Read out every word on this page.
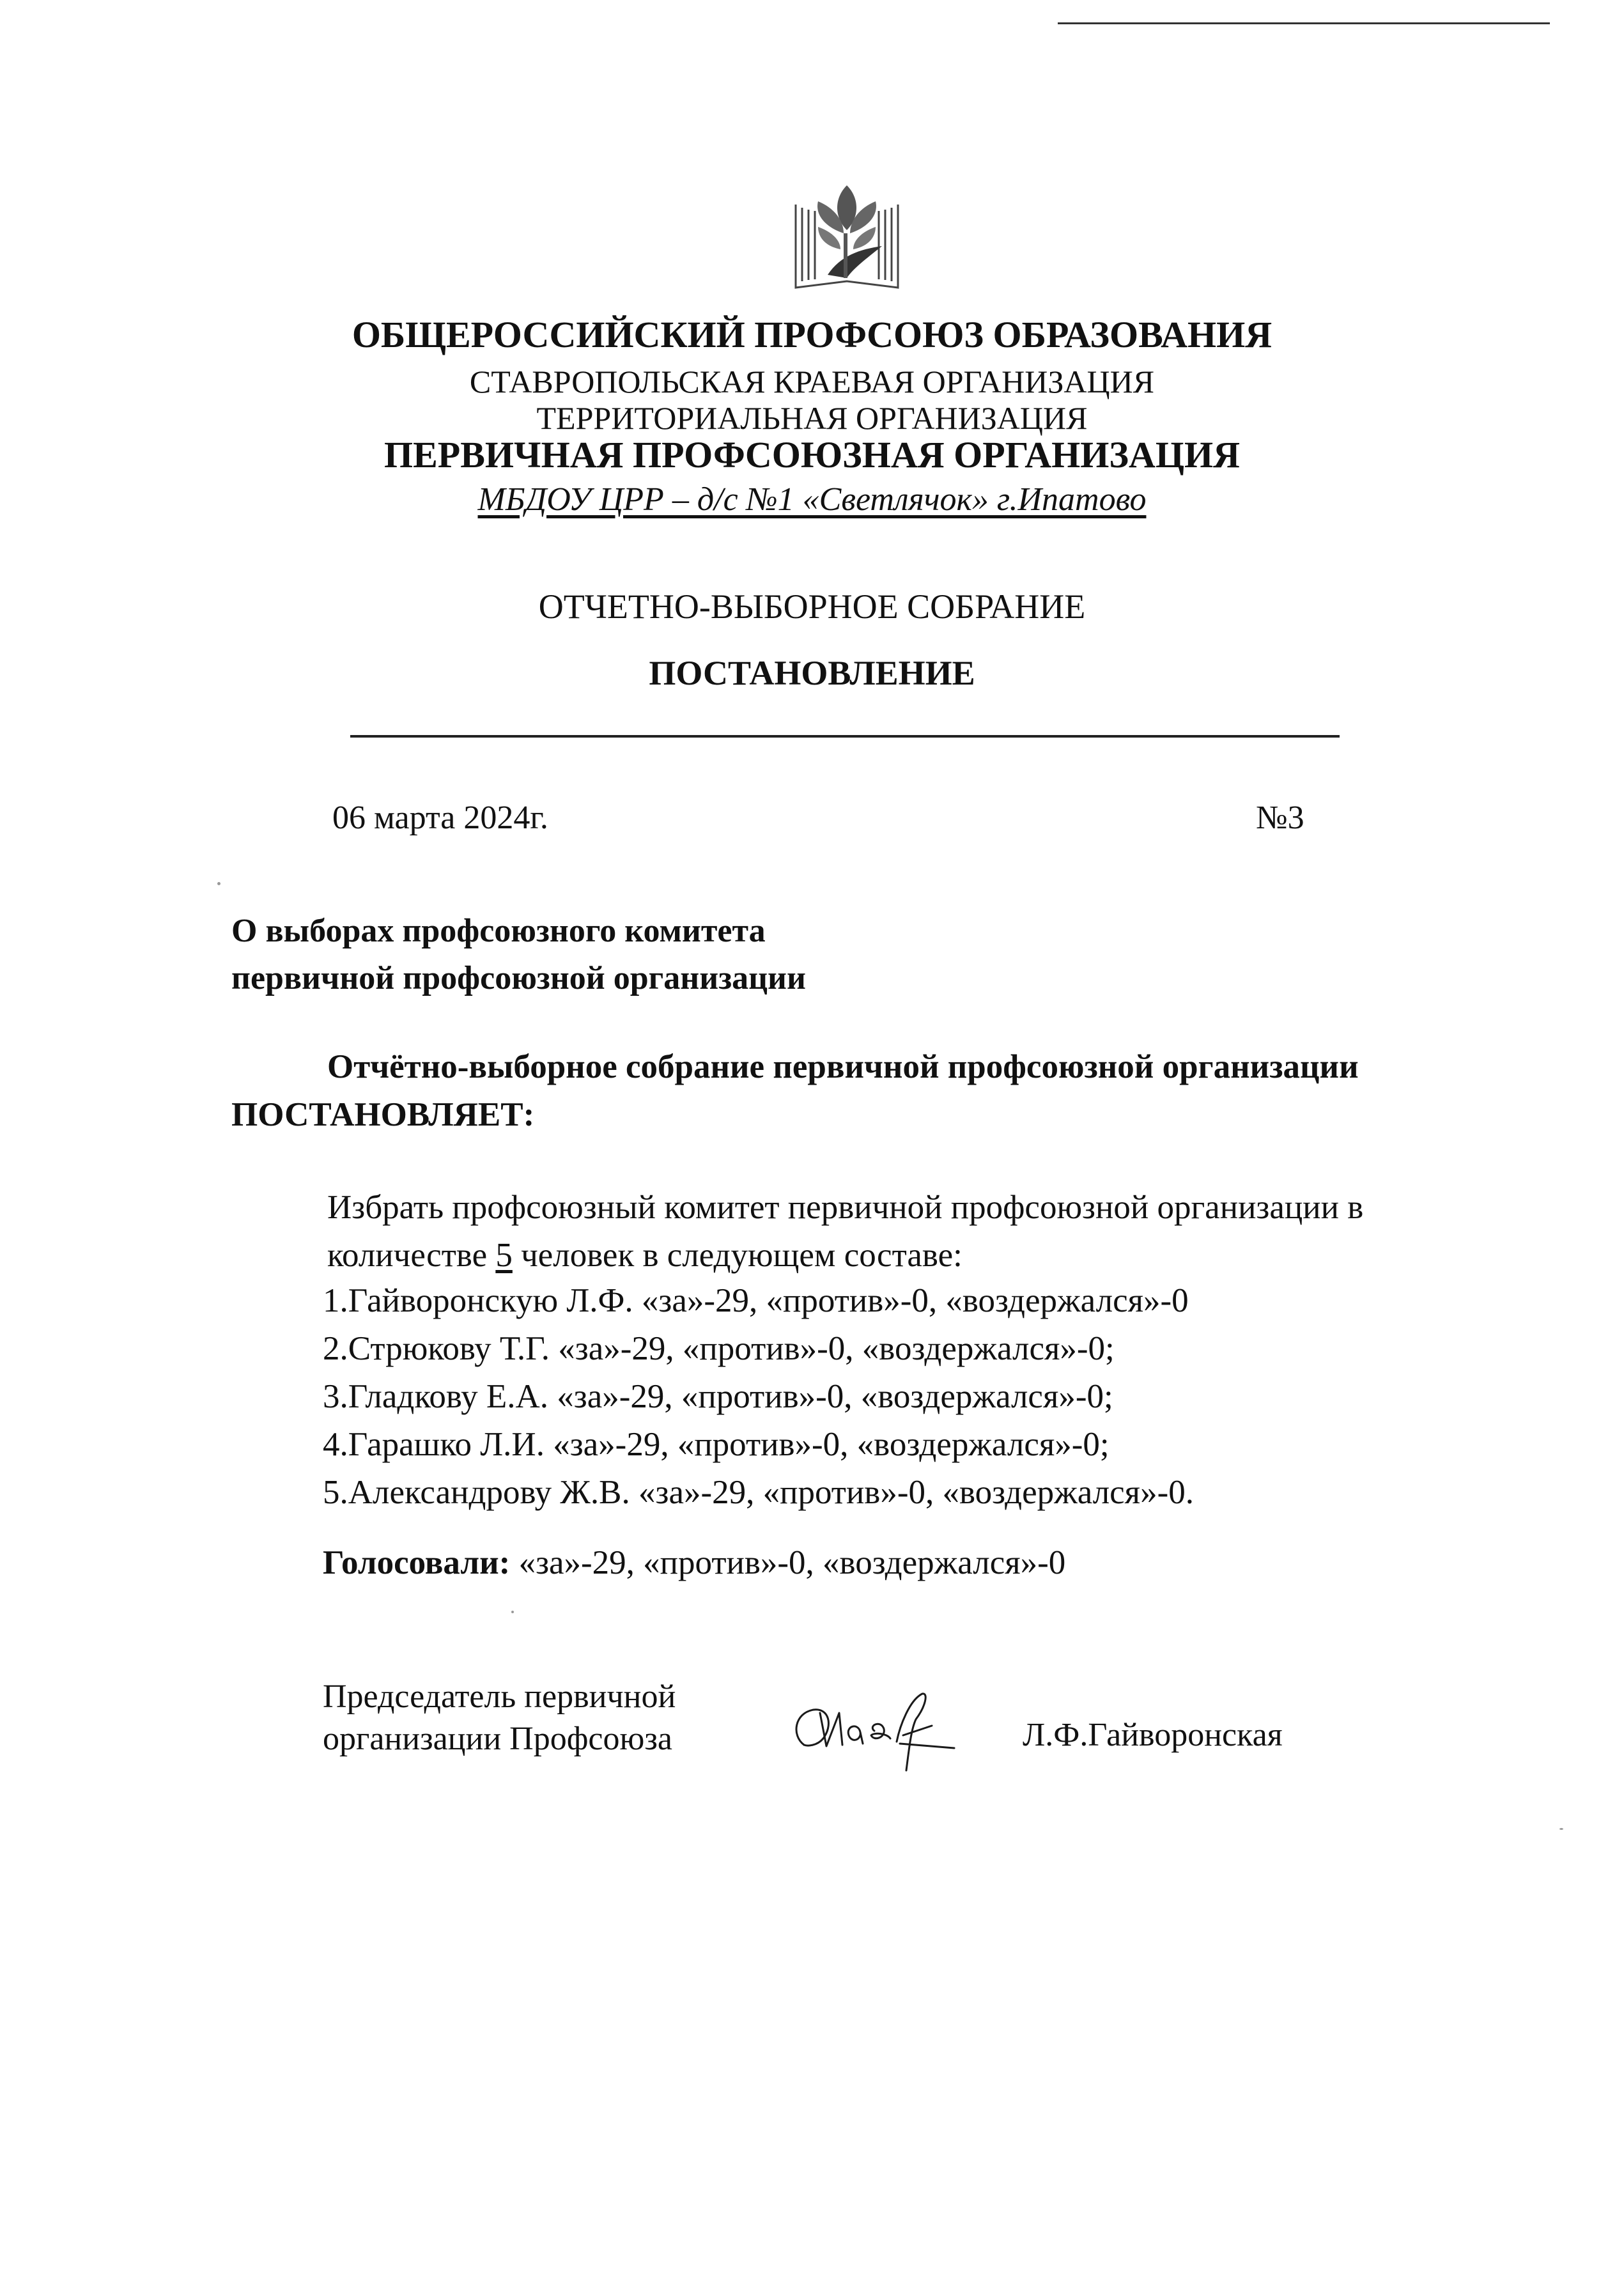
ОБЩЕРОССИЙСКИЙ ПРОФСОЮЗ ОБРАЗОВАНИЯ
СТАВРОПОЛЬСКАЯ КРАЕВАЯ ОРГАНИЗАЦИЯ
ТЕРРИТОРИАЛЬНАЯ ОРГАНИЗАЦИЯ
ПЕРВИЧНАЯ ПРОФСОЮЗНАЯ ОРГАНИЗАЦИЯ
МБДОУ ЦРР – д/с №1 «Светлячок» г.Ипатово
ОТЧЕТНО-ВЫБОРНОЕ СОБРАНИЕ
ПОСТАНОВЛЕНИЕ
06 марта 2024г.	№3
О выборах профсоюзного комитета
первичной профсоюзной организации
Отчётно-выборное собрание первичной профсоюзной организации
ПОСТАНОВЛЯЕТ:
Избрать профсоюзный комитет первичной профсоюзной организации в количестве 5 человек в следующем составе:
1.Гайворонскую Л.Ф. «за»-29, «против»-0, «воздержался»-0
2.Стрюкову Т.Г. «за»-29, «против»-0, «воздержался»-0;
3.Гладкову Е.А. «за»-29, «против»-0, «воздержался»-0;
4.Гарашко Л.И. «за»-29, «против»-0, «воздержался»-0;
5.Александрову Ж.В. «за»-29, «против»-0, «воздержался»-0.
Голосовали: «за»-29, «против»-0, «воздержался»-0
Председатель первичной
организации Профсоюза	Л.Ф.Гайворонская
